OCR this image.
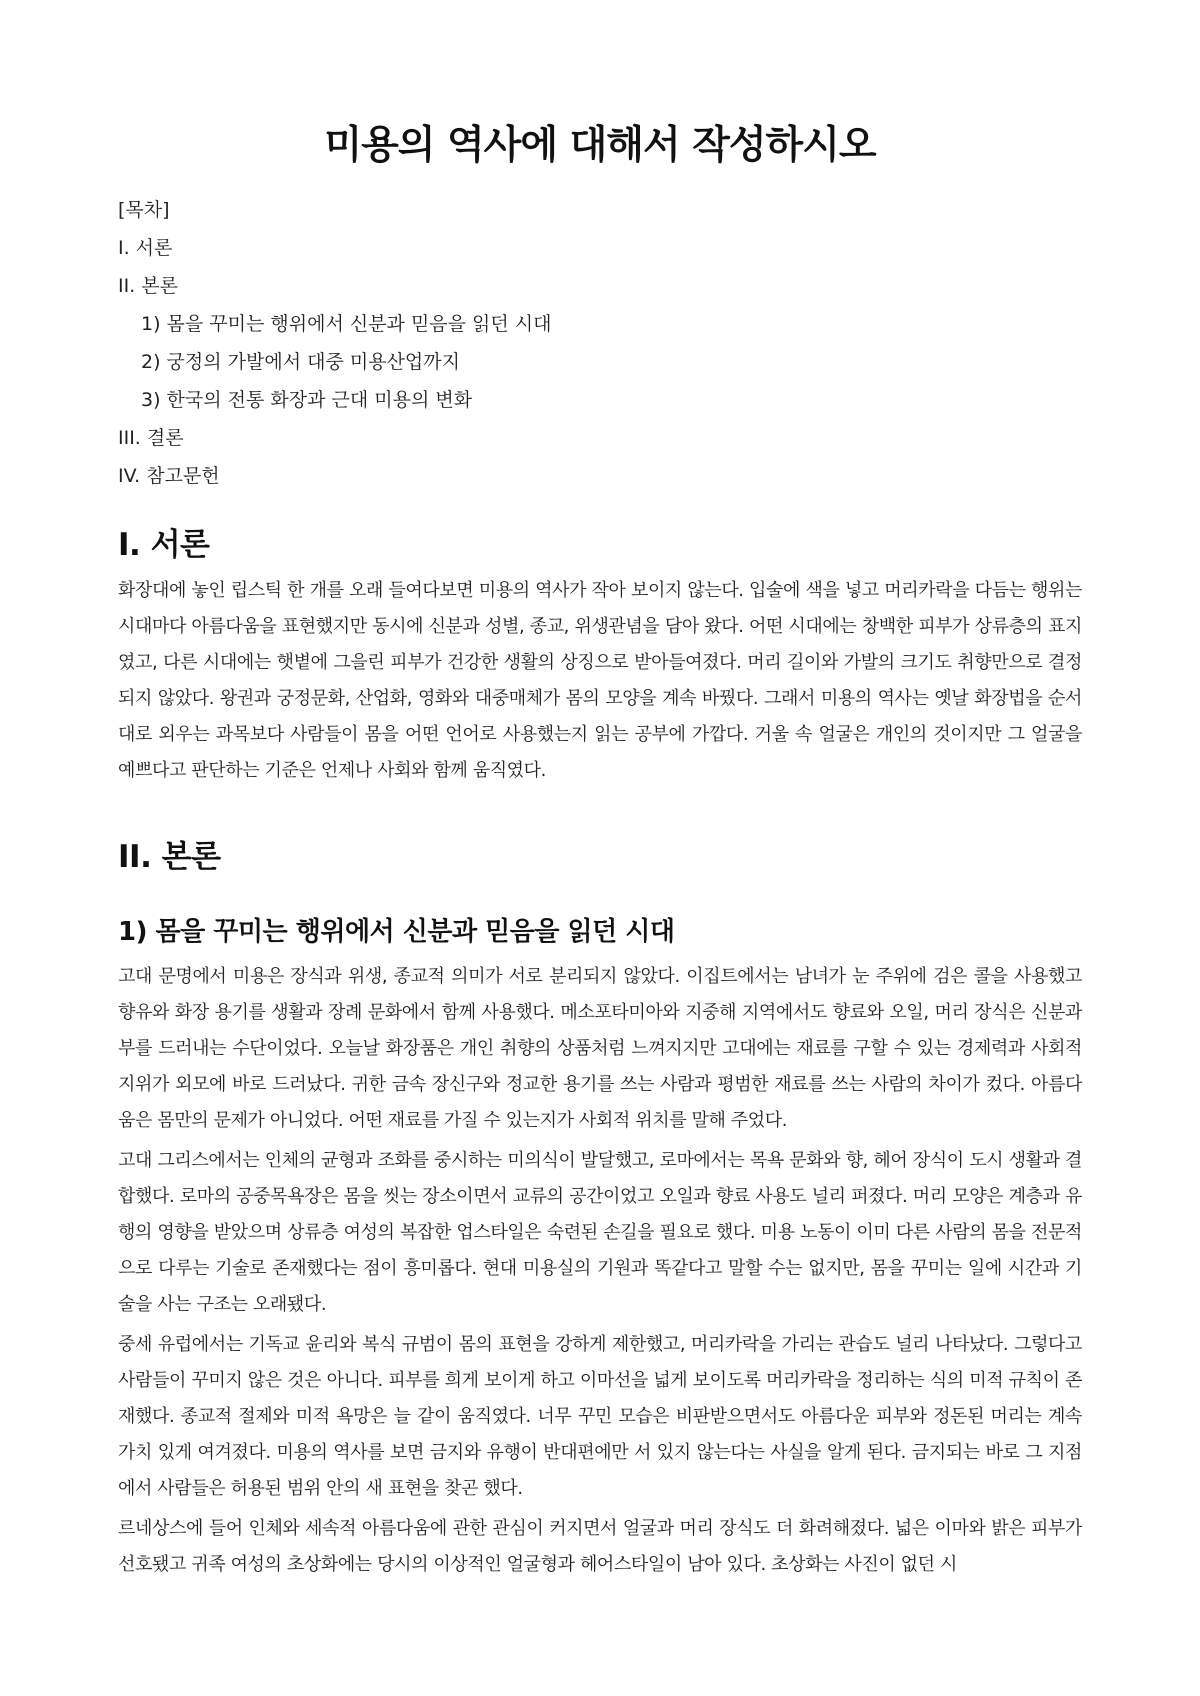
미용의 역사에 대해서 작성하시오
[목차]
I. 서론
II. 본론
1) 몸을 꾸미는 행위에서 신분과 믿음을 읽던 시대
2) 궁정의 가발에서 대중 미용산업까지
3) 한국의 전통 화장과 근대 미용의 변화
III. 결론
IV. 참고문헌
I. 서론

화장대에 놓인 립스틱 한 개를 오래 들여다보면 미용의 역사가 작아 보이지 않는다. 입술에 색을 넣고 머리카락을 다듬는 행위는 시대마다 아름다움을 표현했지만 동시에 신분과 성별, 종교, 위생관념을 담아 왔다. 어떤 시대에는 창백한 피부가 상류층의 표지였고, 다른 시대에는 햇볕에 그을린 피부가 건강한 생활의 상징으로 받아들여졌다. 머리 길이와 가발의 크기도 취향만으로 결정되지 않았다. 왕권과 궁정문화, 산업화, 영화와 대중매체가 몸의 모양을 계속 바꿨다. 그래서 미용의 역사는 옛날 화장법을 순서대로 외우는 과목보다 사람들이 몸을 어떤 언어로 사용했는지 읽는 공부에 가깝다. 거울 속 얼굴은 개인의 것이지만 그 얼굴을 예쁘다고 판단하는 기준은 언제나 사회와 함께 움직였다.

II. 본론
1) 몸을 꾸미는 행위에서 신분과 믿음을 읽던 시대

고대 문명에서 미용은 장식과 위생, 종교적 의미가 서로 분리되지 않았다. 이집트에서는 남녀가 눈 주위에 검은 콜을 사용했고 향유와 화장 용기를 생활과 장례 문화에서 함께 사용했다. 메소포타미아와 지중해 지역에서도 향료와 오일, 머리 장식은 신분과 부를 드러내는 수단이었다. 오늘날 화장품은 개인 취향의 상품처럼 느껴지지만 고대에는 재료를 구할 수 있는 경제력과 사회적 지위가 외모에 바로 드러났다. 귀한 금속 장신구와 정교한 용기를 쓰는 사람과 평범한 재료를 쓰는 사람의 차이가 컸다. 아름다움은 몸만의 문제가 아니었다. 어떤 재료를 가질 수 있는지가 사회적 위치를 말해 주었다.

고대 그리스에서는 인체의 균형과 조화를 중시하는 미의식이 발달했고, 로마에서는 목욕 문화와 향, 헤어 장식이 도시 생활과 결합했다. 로마의 공중목욕장은 몸을 씻는 장소이면서 교류의 공간이었고 오일과 향료 사용도 널리 퍼졌다. 머리 모양은 계층과 유행의 영향을 받았으며 상류층 여성의 복잡한 업스타일은 숙련된 손길을 필요로 했다. 미용 노동이 이미 다른 사람의 몸을 전문적으로 다루는 기술로 존재했다는 점이 흥미롭다. 현대 미용실의 기원과 똑같다고 말할 수는 없지만, 몸을 꾸미는 일에 시간과 기술을 사는 구조는 오래됐다.

중세 유럽에서는 기독교 윤리와 복식 규범이 몸의 표현을 강하게 제한했고, 머리카락을 가리는 관습도 널리 나타났다. 그렇다고 사람들이 꾸미지 않은 것은 아니다. 피부를 희게 보이게 하고 이마선을 넓게 보이도록 머리카락을 정리하는 식의 미적 규칙이 존재했다. 종교적 절제와 미적 욕망은 늘 같이 움직였다. 너무 꾸민 모습은 비판받으면서도 아름다운 피부와 정돈된 머리는 계속 가치 있게 여겨졌다. 미용의 역사를 보면 금지와 유행이 반대편에만 서 있지 않는다는 사실을 알게 된다. 금지되는 바로 그 지점에서 사람들은 허용된 범위 안의 새 표현을 찾곤 했다.

르네상스에 들어 인체와 세속적 아름다움에 관한 관심이 커지면서 얼굴과 머리 장식도 더 화려해졌다. 넓은 이마와 밝은 피부가 선호됐고 귀족 여성의 초상화에는 당시의 이상적인 얼굴형과 헤어스타일이 남아 있다. 초상화는 사진이 없던 시
